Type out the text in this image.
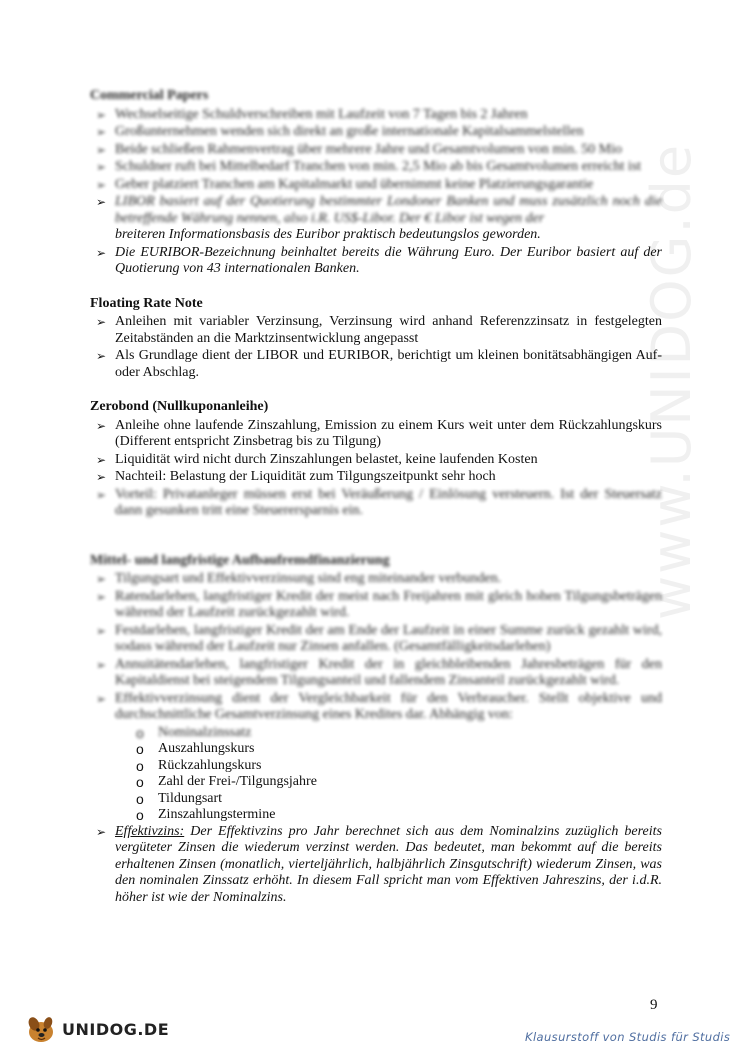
www.UNIDOG.de
Commercial Papers
➢ Wechselseitige Schuldverschreiben mit Laufzeit von 7 Tagen bis 2 Jahren
➢ Großunternehmen wenden sich direkt an große internationale Kapitalsammelstellen
➢ Beide schließen Rahmenvertrag über mehrere Jahre und Gesamtvolumen von min. 50 Mio
➢ Schuldner ruft bei Mittelbedarf Tranchen von min. 2,5 Mio ab bis Gesamtvolumen erreicht ist
➢ Geber platziert Tranchen am Kapitalmarkt und übernimmt keine Platzierungsgarantie
➢ LIBOR basiert auf der Quotierung bestimmter Londoner Banken und muss zusätzlich noch die betreffende Währung nennen, also i.R. US$-Libor. Der € Libor ist wegen der breiteren Informationsbasis des Euribor praktisch bedeutungslos geworden.
➢ Die EURIBOR-Bezeichnung beinhaltet bereits die Währung Euro. Der Euribor basiert auf der Quotierung von 43 internationalen Banken.
Floating Rate Note
➢ Anleihen mit variabler Verzinsung, Verzinsung wird anhand Referenzzinsatz in festgelegten Zeitabständen an die Marktzinsentwicklung angepasst
➢ Als Grundlage dient der LIBOR und EURIBOR, berichtigt um kleinen bonitätsabhängigen Auf- oder Abschlag.
Zerobond (Nullkuponanleihe)
➢ Anleihe ohne laufende Zinszahlung, Emission zu einem Kurs weit unter dem Rückzahlungskurs (Different entspricht Zinsbetrag bis zu Tilgung)
➢ Liquidität wird nicht durch Zinszahlungen belastet, keine laufenden Kosten
➢ Nachteil: Belastung der Liquidität zum Tilgungszeitpunkt sehr hoch
➢ Vorteil: Privatanleger müssen erst bei Veräußerung / Einlösung versteuern. Ist der Steuersatz dann gesunken tritt eine Steuerersparnis ein.
Mittel- und langfristige Aufbaufremdfinanzierung
➢ Tilgungsart und Effektivverzinsung sind eng miteinander verbunden.
➢ Ratendarlehen, langfristiger Kredit der meist nach Freijahren mit gleich hohen Tilgungsbeträgen während der Laufzeit zurückgezahlt wird.
➢ Festdarlehen, langfristiger Kredit der am Ende der Laufzeit in einer Summe zurück gezahlt wird, sodass während der Laufzeit nur Zinsen anfallen. (Gesamtfälligkeitsdarlehen)
➢ Annuitätendarlehen, langfristiger Kredit der in gleichbleibenden Jahresbeträgen für den Kapitaldienst bei steigendem Tilgungsanteil und fallendem Zinsanteil zurückgezahlt wird.
➢ Effektivverzinsung dient der Vergleichbarkeit für den Verbraucher. Stellt objektive und durchschnittliche Gesamtverzinsung eines Kredites dar. Abhängig von:
o Nominalzinssatz
o Auszahlungskurs
o Rückzahlungskurs
o Zahl der Frei-/Tilgungsjahre
o Tildungsart
o Zinszahlungstermine
➢ Effektivzins: Der Effektivzins pro Jahr berechnet sich aus dem Nominalzins zuzüglich bereits vergüteter Zinsen die wiederum verzinst werden. Das bedeutet, man bekommt auf die bereits erhaltenen Zinsen (monatlich, vierteljährlich, halbjährlich Zinsgutschrift) wiederum Zinsen, was den nominalen Zinssatz erhöht. In diesem Fall spricht man vom Effektiven Jahreszins, der i.d.R. höher ist wie der Nominalzins.
9
UNIDOG.DE	Klausurstoff von Studis für Studis
